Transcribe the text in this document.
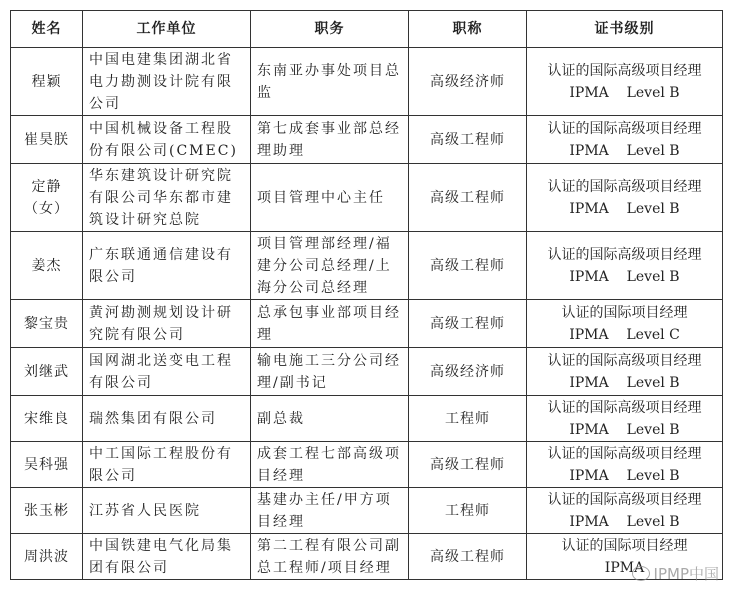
姓名	工作单位	职务	职称	证书级别
程颖	中国电建集团湖北省电力勘测设计院有限公司	东南亚办事处项目总监	高级经济师	认证的国际高级项目经理
IPMA    Level B

崔昊朕	中国机械设备工程股份有限公司(CMEC)	第七成套事业部总经理助理	高级工程师	认证的国际高级项目经理
IPMA    Level B

定静（女）	华东建筑设计研究院有限公司华东都市建筑设计研究总院	项目管理中心主任	高级工程师	认证的国际高级项目经理
IPMA    Level B

姜杰	广东联通通信建设有限公司	项目管理部经理/福建分公司总经理/上海分公司总经理	高级工程师	认证的国际高级项目经理
IPMA    Level B

黎宝贵	黄河勘测规划设计研究院有限公司	总承包事业部项目经理	高级工程师	认证的国际项目经理
IPMA    Level C

刘继武	国网湖北送变电工程有限公司	输电施工三分公司经理/副书记	高级经济师	认证的国际高级项目经理
IPMA    Level B

宋维良	瑞然集团有限公司	副总裁	工程师	认证的国际高级项目经理
IPMA    Level B

吴科强	中工国际工程股份有限公司	成套工程七部高级项目经理	高级工程师	认证的国际高级项目经理
IPMA    Level B

张玉彬	江苏省人民医院	基建办主任/甲方项目经理	工程师	认证的国际高级项目经理
IPMA    Level B

周洪波	中国铁建电气化局集团有限公司	第二工程有限公司副总工程师/项目经理	高级工程师	认证的国际项目经理
IPMA IPMP中国
